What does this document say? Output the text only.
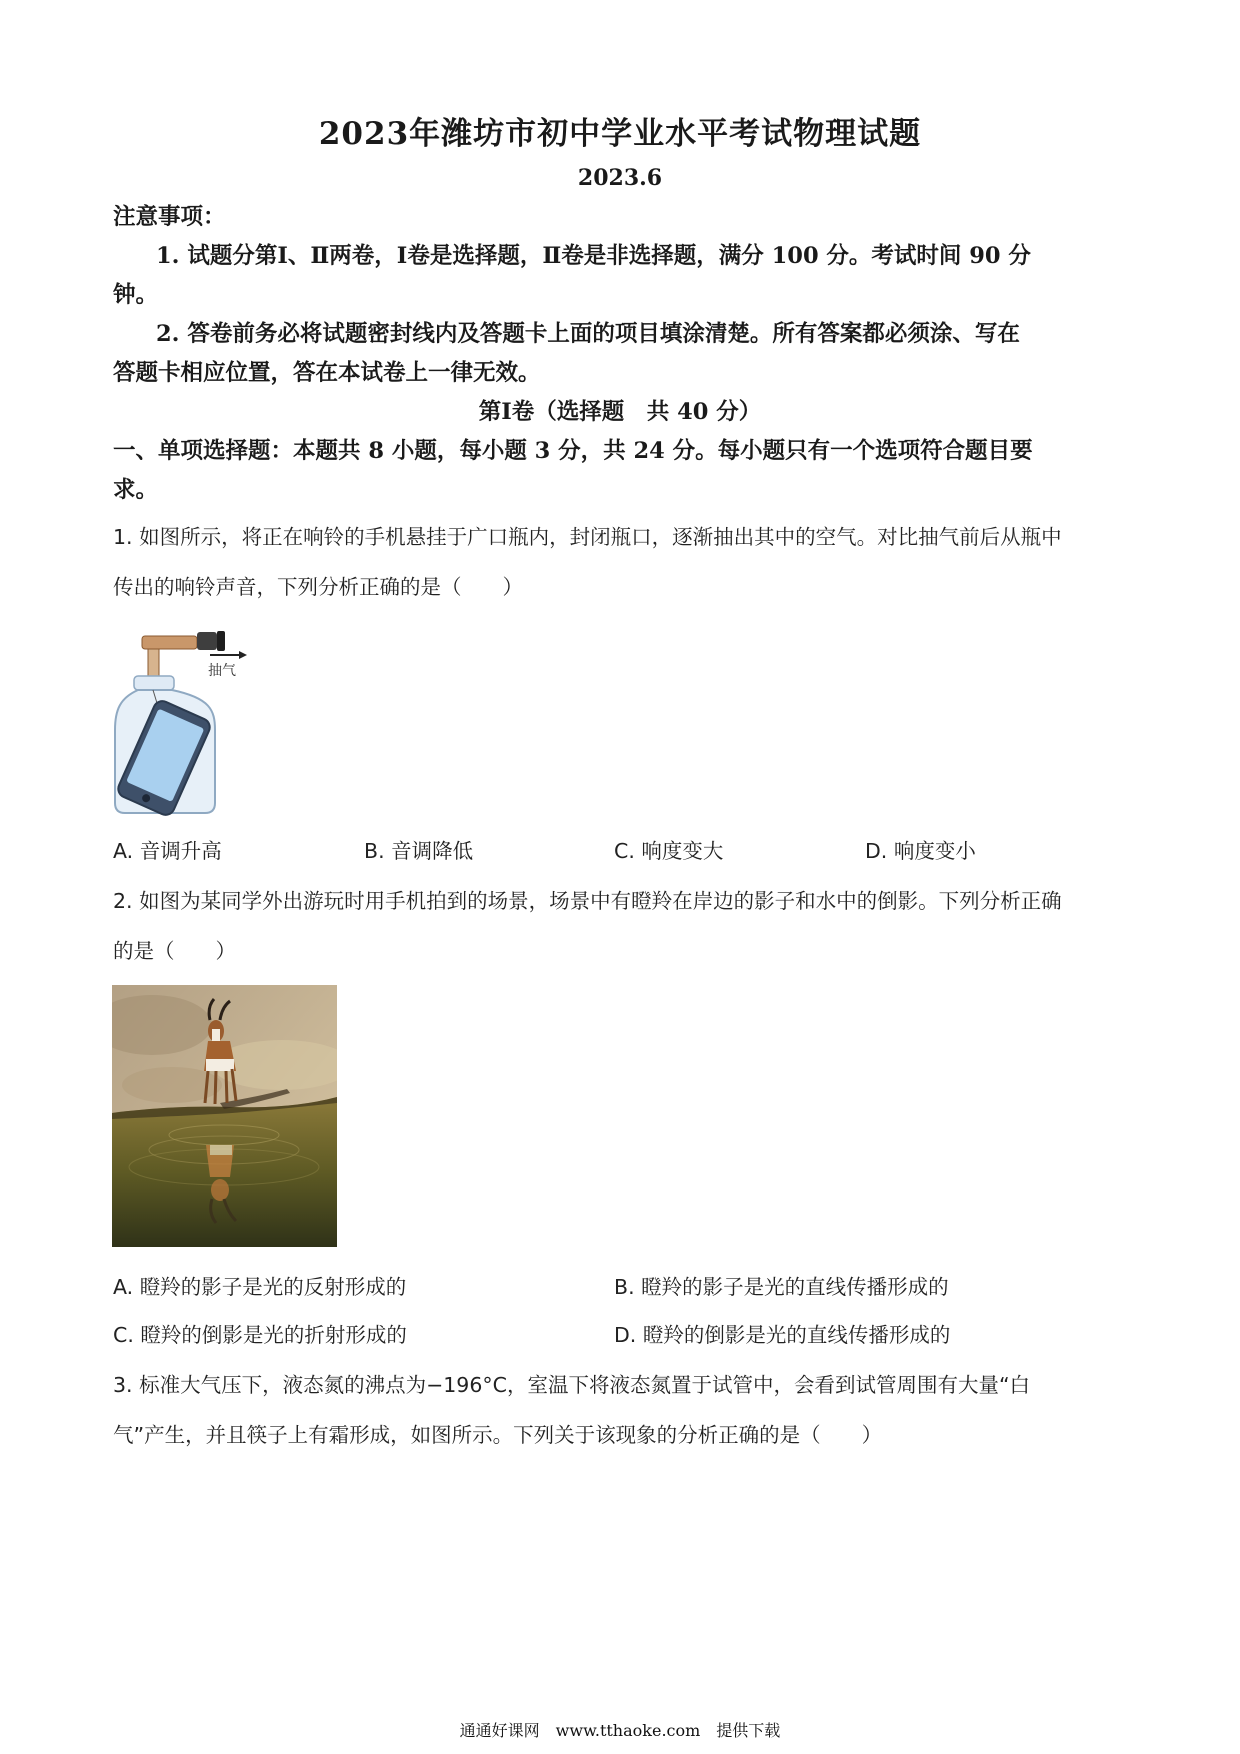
2023年潍坊市初中学业水平考试物理试题
2023.6
注意事项：
1. 试题分第Ⅰ、Ⅱ两卷，Ⅰ卷是选择题，Ⅱ卷是非选择题，满分 100 分。考试时间 90 分
钟。
2. 答卷前务必将试题密封线内及答题卡上面的项目填涂清楚。所有答案都必须涂、写在
答题卡相应位置，答在本试卷上一律无效。
第Ⅰ卷（选择题　共 40 分）
一、单项选择题：本题共 8 小题，每小题 3 分，共 24 分。每小题只有一个选项符合题目要
求。
1. 如图所示，将正在响铃的手机悬挂于广口瓶内，封闭瓶口，逐渐抽出其中的空气。对比抽气前后从瓶中
传出的响铃声音，下列分析正确的是（　　）
抽气
A. 音调升高	B. 音调降低	C. 响度变大	D. 响度变小
2. 如图为某同学外出游玩时用手机拍到的场景，场景中有瞪羚在岸边的影子和水中的倒影。下列分析正确
的是（　　）
A. 瞪羚的影子是光的反射形成的	B. 瞪羚的影子是光的直线传播形成的
C. 瞪羚的倒影是光的折射形成的	D. 瞪羚的倒影是光的直线传播形成的
3. 标准大气压下，液态氮的沸点为−196°C，室温下将液态氮置于试管中，会看到试管周围有大量“白
气”产生，并且筷子上有霜形成，如图所示。下列关于该现象的分析正确的是（　　）
通通好课网　www.tthaoke.com　提供下载
